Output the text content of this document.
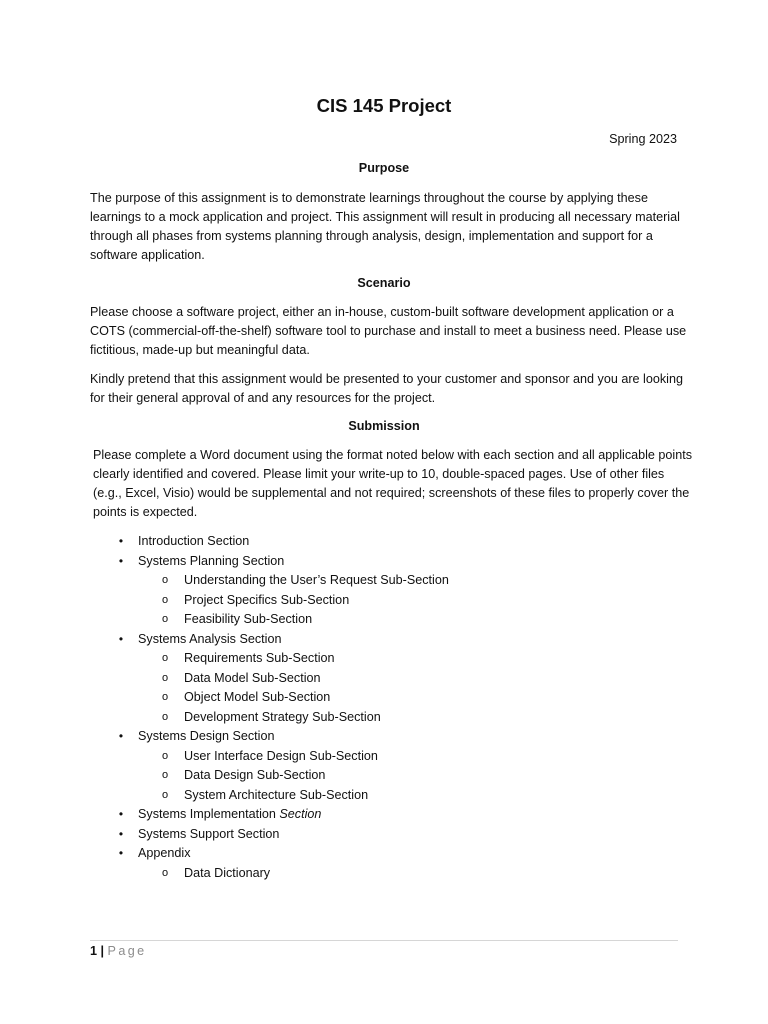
CIS 145 Project
Spring 2023
Purpose

The purpose of this assignment is to demonstrate learnings throughout the course by applying these learnings to a mock application and project. This assignment will result in producing all necessary material through all phases from systems planning through analysis, design, implementation and support for a software application.

Scenario

Please choose a software project, either an in-house, custom-built software development application or a COTS (commercial-off-the-shelf) software tool to purchase and install to meet a business need. Please use fictitious, made-up but meaningful data.

Kindly pretend that this assignment would be presented to your customer and sponsor and you are looking for their general approval of and any resources for the project.

Submission

Please complete a Word document using the format noted below with each section and all applicable points clearly identified and covered. Please limit your write-up to 10, double-spaced pages. Use of other files (e.g., Excel, Visio) would be supplemental and not required; screenshots of these files to properly cover the points is expected.

•	Introduction Section
•	Systems Planning Section
o	Understanding the User’s Request Sub-Section
o	Project Specifics Sub-Section
o	Feasibility Sub-Section
•	Systems Analysis Section
o	Requirements Sub-Section
o	Data Model Sub-Section
o	Object Model Sub-Section
o	Development Strategy Sub-Section
•	Systems Design Section
o	User Interface Design Sub-Section
o	Data Design Sub-Section
o	System Architecture Sub-Section
•	Systems Implementation Section
•	Systems Support Section
•	Appendix
o	Data Dictionary
1 | Page
